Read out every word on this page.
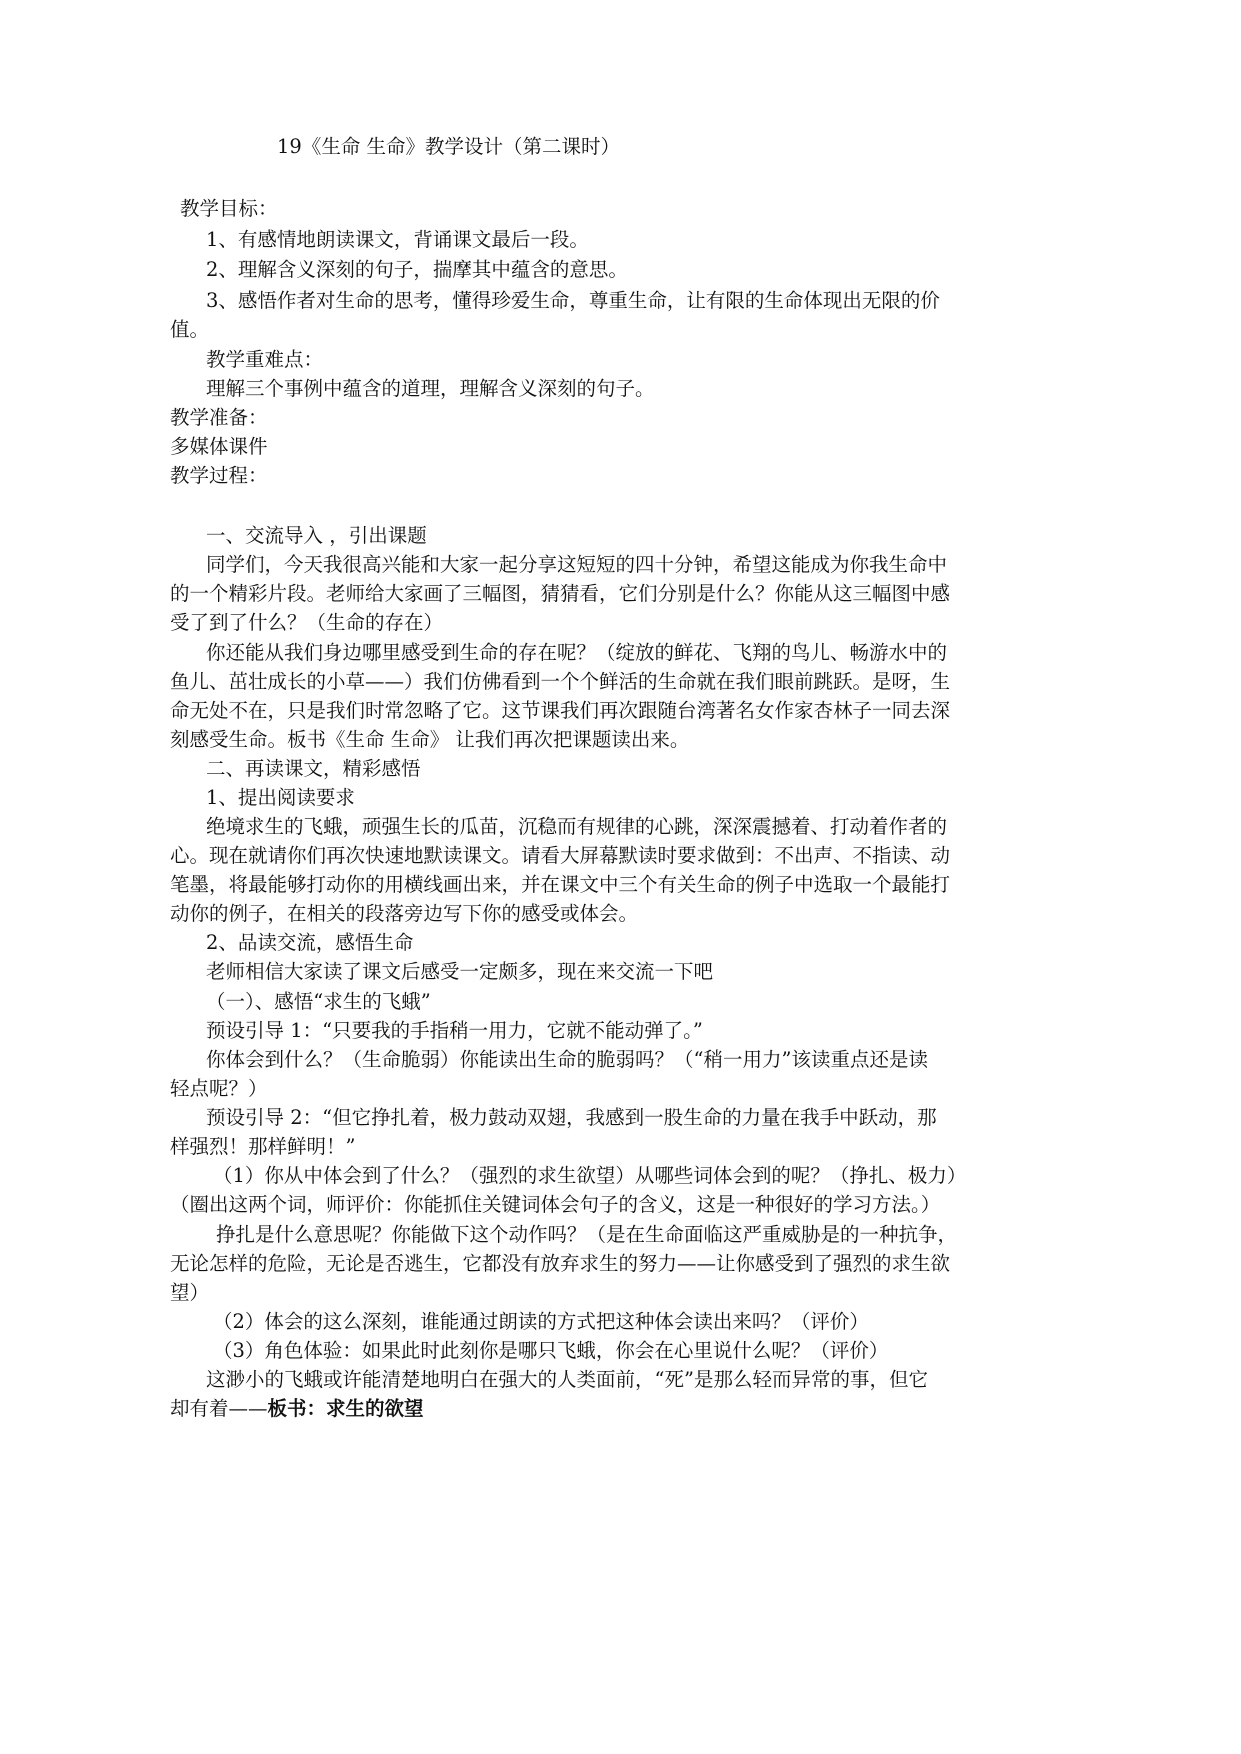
19《生命 生命》教学设计（第二课时）
教学目标：
1、有感情地朗读课文，背诵课文最后一段。
2、理解含义深刻的句子，揣摩其中蕴含的意思。
3、感悟作者对生命的思考，懂得珍爱生命，尊重生命，让有限的生命体现出无限的价
值。
教学重难点：
理解三个事例中蕴含的道理，理解含义深刻的句子。
教学准备：
多媒体课件
教学过程：
一、交流导入 ，引出课题
同学们，今天我很高兴能和大家一起分享这短短的四十分钟，希望这能成为你我生命中
的一个精彩片段。老师给大家画了三幅图，猜猜看，它们分别是什么？你能从这三幅图中感
受了到了什么？（生命的存在）
你还能从我们身边哪里感受到生命的存在呢？（绽放的鲜花、飞翔的鸟儿、畅游水中的
鱼儿、茁壮成长的小草——）我们仿佛看到一个个鲜活的生命就在我们眼前跳跃。是呀，生
命无处不在，只是我们时常忽略了它。这节课我们再次跟随台湾著名女作家杏林子一同去深
刻感受生命。板书《生命 生命》 让我们再次把课题读出来。
二、再读课文，精彩感悟
1、提出阅读要求
绝境求生的飞蛾，顽强生长的瓜苗，沉稳而有规律的心跳，深深震撼着、打动着作者的
心。现在就请你们再次快速地默读课文。请看大屏幕默读时要求做到：不出声、不指读、动
笔墨，将最能够打动你的用横线画出来，并在课文中三个有关生命的例子中选取一个最能打
动你的例子，在相关的段落旁边写下你的感受或体会。
2、品读交流，感悟生命
老师相信大家读了课文后感受一定颇多，现在来交流一下吧
（一）、感悟“求生的飞蛾”
预设引导 1：“只要我的手指稍一用力，它就不能动弹了。”
你体会到什么？（生命脆弱）你能读出生命的脆弱吗？（“稍一用力”该读重点还是读
轻点呢？）
预设引导 2：“但它挣扎着，极力鼓动双翅，我感到一股生命的力量在我手中跃动，那
样强烈！那样鲜明！”
（1）你从中体会到了什么？（强烈的求生欲望）从哪些词体会到的呢？（挣扎、极力）
（圈出这两个词，师评价：你能抓住关键词体会句子的含义，这是一种很好的学习方法。）
挣扎是什么意思呢？你能做下这个动作吗？（是在生命面临这严重威胁是的一种抗争，
无论怎样的危险，无论是否逃生，它都没有放弃求生的努力——让你感受到了强烈的求生欲
望）
（2）体会的这么深刻，谁能通过朗读的方式把这种体会读出来吗？（评价）
（3）角色体验：如果此时此刻你是哪只飞蛾，你会在心里说什么呢？（评价）
这渺小的飞蛾或许能清楚地明白在强大的人类面前，“死”是那么轻而异常的事，但它
却有着——板书：求生的欲望
